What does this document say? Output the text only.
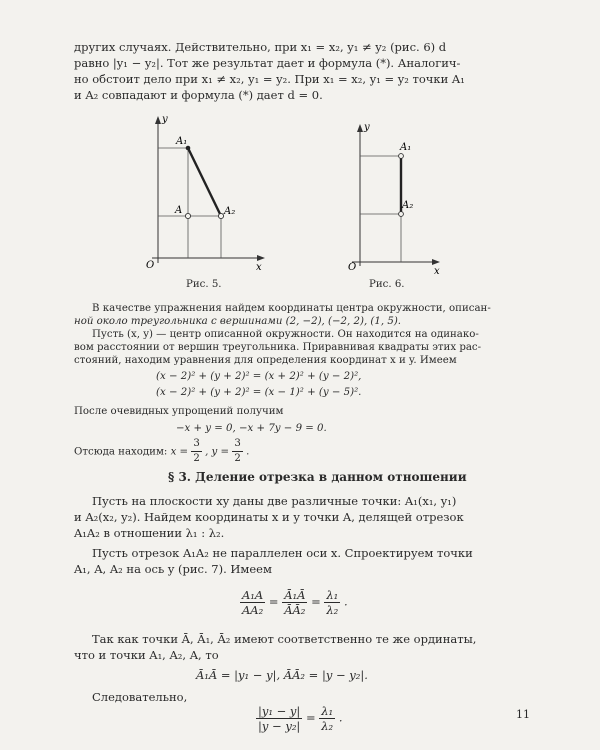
других случаях. Действительно, при x₁ = x₂, y₁ ≠ y₂ (рис. 6) d
равно |y₁ − y₂|. Тот же результат дает и формула (*). Аналогич-
но обстоит дело при x₁ ≠ x₂, y₁ = y₂. При x₁ = x₂, y₁ = y₂ точки A₁
и A₂ совпадают и формула (*) дает d = 0.
y
x
O
A₁
A	A₂
Рис. 5.
y
x
O
A₁
A₂
Рис. 6.
В качестве упражнения найдем координаты центра окружности, описан-
ной около треугольника с вершинами (2, −2), (−2, 2), (1, 5).
Пусть (x, y) — центр описанной окружности. Он находится на одинако-
вом расстоянии от вершин треугольника. Приравнивая квадраты этих рас-
стояний, находим уравнения для определения координат x и y. Имеем
(x − 2)² + (y + 2)² = (x + 2)² + (y − 2)²,
(x − 2)² + (y + 2)² = (x − 1)² + (y − 5)².
После очевидных упрощений получим
−x + y = 0, −x + 7y − 9 = 0.
Отсюда находим: $x = \frac{3}{2}$ , $y = \frac{3}{2}$ .
§ 3. Деление отрезка в данном отношении
Пусть на плоскости xy даны две различные точки: A₁(x₁, y₁)
и A₂(x₂, y₂). Найдем координаты x и y точки A, делящей отрезок
A₁A₂ в отношении λ₁ : λ₂.
Пусть отрезок A₁A₂ не параллелен оси x. Спроектируем точки
A₁, A, A₂ на ось y (рис. 7). Имеем
$\frac{\text{A₁A}}{\text{AA₂}} = \frac{\text{Ā₁Ā}}{\text{ĀĀ₂}} = \frac{\text{λ₁}}{\text{λ₂}}$ .
Так как точки Ā, Ā₁, Ā₂ имеют соответственно те же ординаты,
что и точки A₁, A₂, A, то
Ā₁Ā = |y₁ − y|, ĀĀ₂ = |y − y₂|.
Следовательно,
$\frac{\text{|y₁ − y|}}{\text{|y − y₂|}} = \frac{\text{λ₁}}{\text{λ₂}}$ .	11
